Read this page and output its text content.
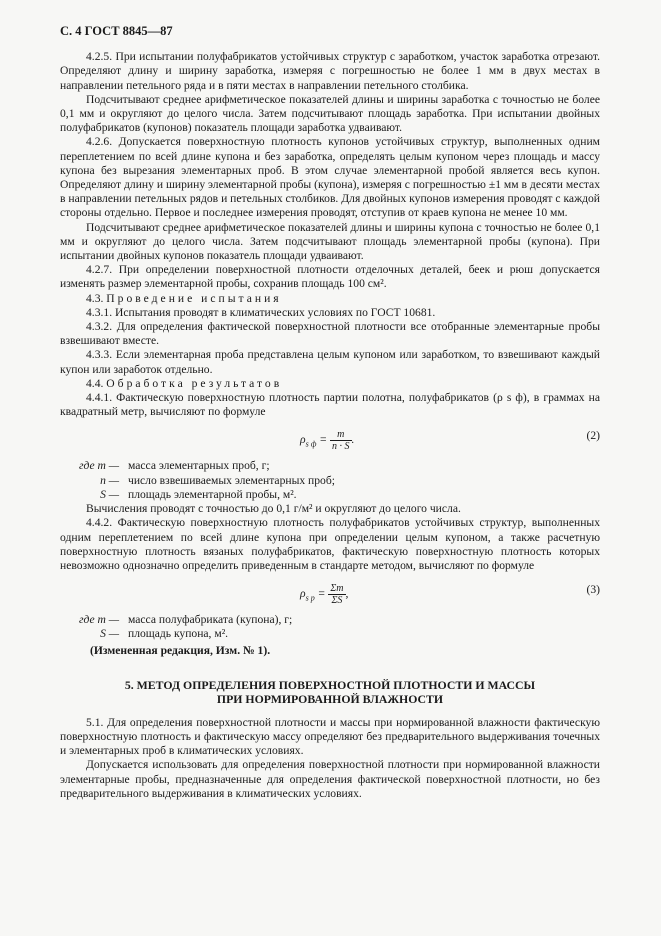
С. 4 ГОСТ 8845—87

4.2.5. При испытании полуфабрикатов устойчивых структур с заработком, участок заработка отрезают. Определяют длину и ширину заработка, измеряя с погрешностью не более 1 мм в двух местах в направлении петельного ряда и в пяти местах в направлении петельного столбика.

Подсчитывают среднее арифметическое показателей длины и ширины заработка с точностью не более 0,1 мм и округляют до целого числа. Затем подсчитывают площадь заработка. При испытании двойных полуфабрикатов (купонов) показатель площади заработка удваивают.

4.2.6. Допускается поверхностную плотность купонов устойчивых структур, выполненных одним переплетением по всей длине купона и без заработка, определять целым купоном через площадь и массу купона без вырезания элементарных проб. В этом случае элементарной пробой является весь купон. Определяют длину и ширину элементарной пробы (купона), измеряя с погрешностью ±1 мм в десяти местах в направлении петельных рядов и петельных столбиков. Для двойных купонов измерения проводят с каждой стороны отдельно. Первое и последнее измерения проводят, отступив от краев купона не менее 10 мм.

Подсчитывают среднее арифметическое показателей длины и ширины купона с точностью не более 0,1 мм и округляют до целого числа. Затем подсчитывают площадь элементарной пробы (купона). При испытании двойных купонов показатель площади удваивают.

4.2.7. При определении поверхностной плотности отделочных деталей, беек и рюш допускается изменять размер элементарной пробы, сохранив площадь 100 см².

4.3. Проведение испытания

4.3.1. Испытания проводят в климатических условиях по ГОСТ 10681.

4.3.2. Для определения фактической поверхностной плотности все отобранные элементарные пробы взвешивают вместе.

4.3.3. Если элементарная проба представлена целым купоном или заработком, то взвешивают каждый купон или заработок отдельно.

4.4. Обработка результатов

4.4.1. Фактическую поверхностную плотность партии полотна, полуфабрикатов (ρ s ф), в граммах на квадратный метр, вычисляют по формуле

$\rho_{s ф} = \frac{m}{n \cdot S}$ .	(2)
где m — масса элементарных проб, г;
n — число взвешиваемых элементарных проб;
S — площадь элементарной пробы, м².

Вычисления проводят с точностью до 0,1 г/м² и округляют до целого числа.

4.4.2. Фактическую поверхностную плотность полуфабрикатов устойчивых структур, выполненных одним переплетением по всей длине купона при определении целым купоном, а также расчетную поверхностную плотность вязаных полуфабрикатов, фактическую поверхностную плотность которых невозможно однозначно определить приведенным в стандарте методом, вычисляют по формуле

$\rho_{s р} = \frac{\Sigma m}{\Sigma S}$ ,	(3)
где m — масса полуфабриката (купона), г;
S — площадь купона, м².
(Измененная редакция, Изм. № 1).
5. МЕТОД ОПРЕДЕЛЕНИЯ ПОВЕРХНОСТНОЙ ПЛОТНОСТИ И МАССЫ
ПРИ НОРМИРОВАННОЙ ВЛАЖНОСТИ

5.1. Для определения поверхностной плотности и массы при нормированной влажности фактическую поверхностную плотность и фактическую массу определяют без предварительного выдерживания точечных и элементарных проб в климатических условиях.

Допускается использовать для определения поверхностной плотности при нормированной влажности элементарные пробы, предназначенные для определения фактической поверхностной плотности, но без предварительного выдерживания в климатических условиях.
